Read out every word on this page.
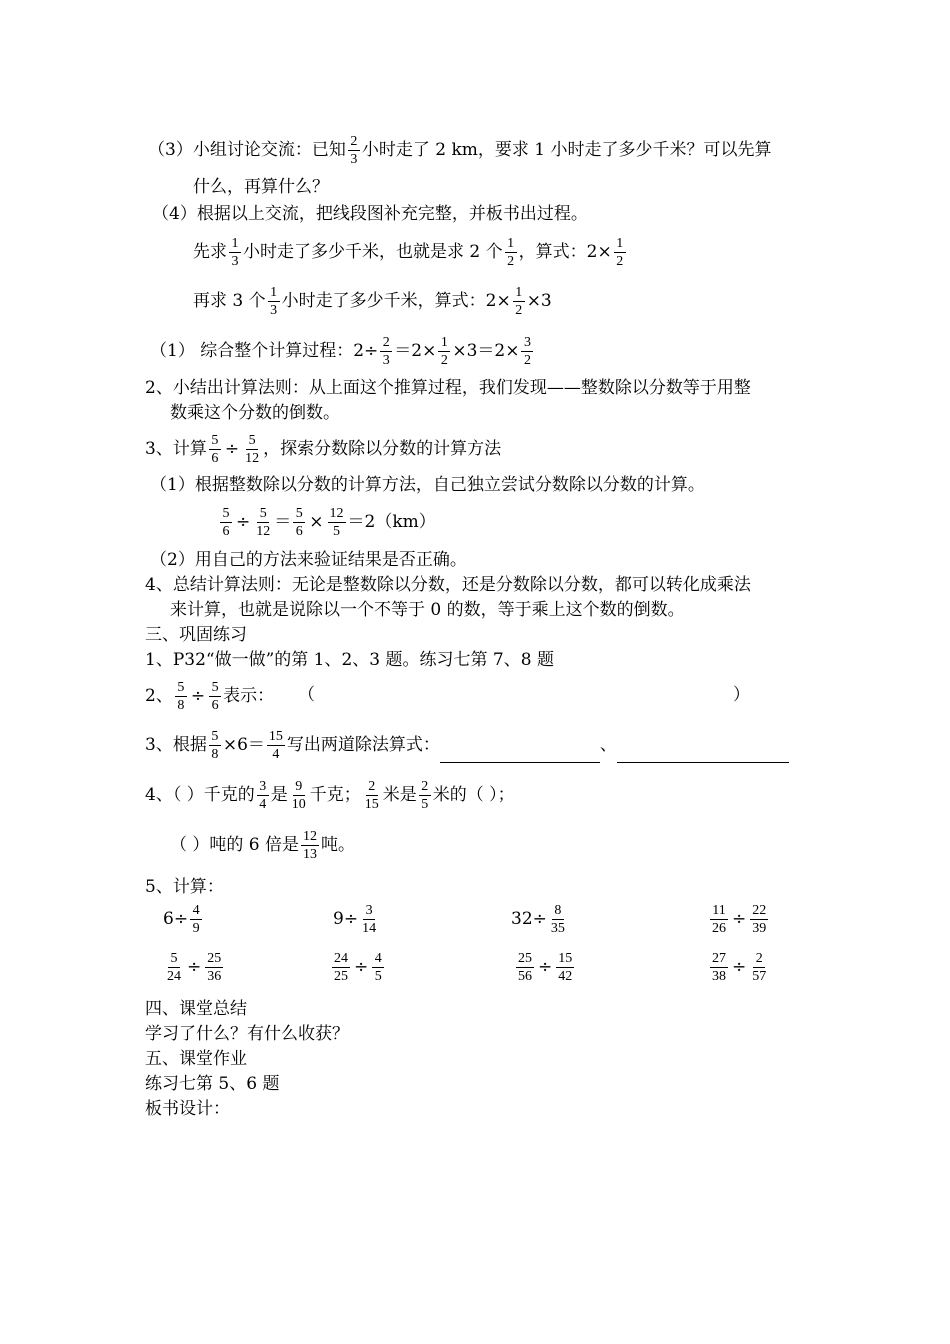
（3）小组讨论交流：已知 $\frac{2}{3}$ 小时走了 2 km，要求 1 小时走了多少千米？可以先算
什么，再算什么？
（4）根据以上交流，把线段图补充完整，并板书出过程。
先求 $\frac{1}{3}$ 小时走了多少千米，也就是求 2 个 $\frac{1}{2}$ ，算式：$2\times \frac{1}{2}$
再求 3 个 $\frac{1}{3}$ 小时走了多少千米，算式：$2\times \frac{1}{2} \times 3$
（1） 综合整个计算过程：$2\div \frac{2}{3} =2\times \frac{1}{2} \times 3=2\times \frac{3}{2}$
2、小结出计算法则：从上面这个推算过程，我们发现——整数除以分数等于用整
数乘这个分数的倒数。
3、计算 $\frac{5}{6} \div \frac{5}{12}$ ，探索分数除以分数的计算方法
（1）根据整数除以分数的计算方法，自己独立尝试分数除以分数的计算。
$\frac{5}{6} \div \frac{5}{12} = \frac{5}{6} \times \frac{12}{5} =2(km)$
（2）用自己的方法来验证结果是否正确。
4、总结计算法则：无论是整数除以分数，还是分数除以分数，都可以转化成乘法
来计算，也就是说除以一个不等于 0 的数，等于乘上这个数的倒数。
三、巩固练习
1、P32“做一做”的第 1、2、3 题。练习七第 7、8 题
2、 $\frac{5}{8} \div \frac{5}{6}$ 表示： （	）
3、根据 $\frac{5}{8} \times 6= \frac{15}{4}$ 写出两道除法算式：	、
4、（ ）千克的 $\frac{3}{4}$ 是 $\frac{9}{10}$ 千克； $\frac{2}{15}$ 米是 $\frac{2}{5}$ 米的（ ）；
（ ）吨的 6 倍是 $\frac{12}{13}$ 吨。
5、计算：
$6\div \frac{4}{9}$	$9\div \frac{3}{14}$	$32\div \frac{8}{35}$	$\frac{11}{26} \div \frac{22}{39}$
$\frac{5}{24} \div \frac{25}{36}$	$\frac{24}{25} \div \frac{4}{5}$	$\frac{25}{56} \div \frac{15}{42}$	$\frac{27}{38} \div \frac{2}{57}$
四、课堂总结
学习了什么？有什么收获？
五、课堂作业
练习七第 5、6 题
板书设计：
